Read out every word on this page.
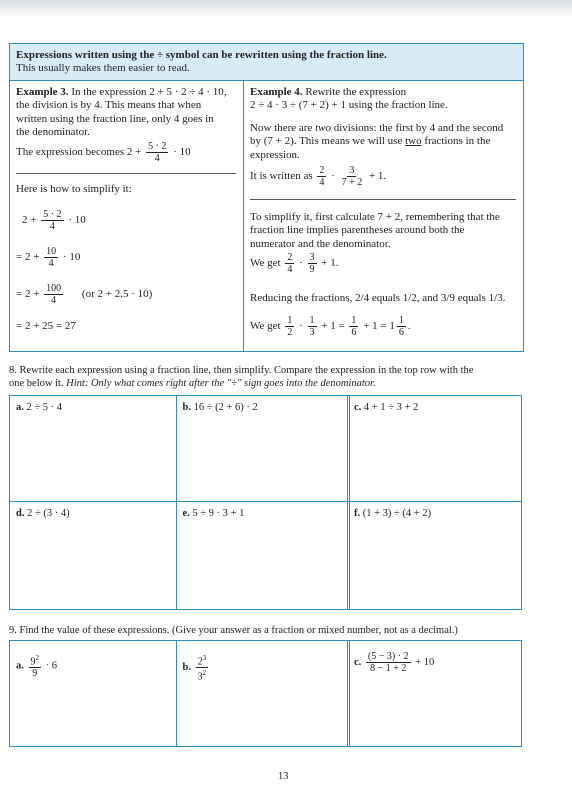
Expressions written using the ÷ symbol can be rewritten using the fraction line.
This usually makes them easier to read.
Example 3. In the expression 2 + 5 · 2 ÷ 4 · 10,
the division is by 4. This means that when
written using the fraction line, only 4 goes in
the denominator.
The expression becomes $2 + \frac{5 \cdot 2}{4} \cdot 10$
Here is how to simplify it:
$2 + \frac{5 \cdot 2}{4} \cdot 10$
= $2 + \frac{10}{4} \cdot 10$
= $2 + \frac{100}{4} (or$ 2 + 2.5 · 10)
= 2 + 25 = 27
Example 4. Rewrite the expression
2 ÷ 4 · 3 ÷ (7 + 2) + 1 using the fraction line.
Now there are two divisions: the first by 4 and the second
by (7 + 2). This means we will use two fractions in the
expression.
It is written as $\frac{2}{4} \cdot \frac{3}{7 + 2} + 1$.
To simplify it, first calculate 7 + 2, remembering that the
fraction line implies parentheses around both the
numerator and the denominator.
We get $\frac{2}{4} \cdot \frac{3}{9} + 1$.
Reducing the fractions, 2/4 equals 1/2, and 3/9 equals 1/3.
We get $\frac{1}{2} \cdot \frac{1}{3} + 1 = \frac{1}{6} + 1 = 1 \frac{1}{6}$ .
8. Rewrite each expression using a fraction line, then simplify. Compare the expression in the top row with the
one below it. Hint: Only what comes right after the "÷" sign goes into the denominator.
a. 2 ÷ 5 · 4	b. 16 ÷ (2 + 6) · 2	c. 4 + 1 ÷ 3 + 2
d. 2 ÷ (3 · 4)	e. 5 ÷ 9 · 3 + 1	f. (1 + 3) ÷ (4 + 2)
9. Find the value of these expressions. (Give your answer as a fraction or mixed number, not as a decimal.)
a. $\frac{9^2}{9} \cdot 6$	b. $\frac{2^3}{3^2}$	c. $\frac{(5 - 3) \cdot 2}{8 - 1 + 2} + 10$
13
